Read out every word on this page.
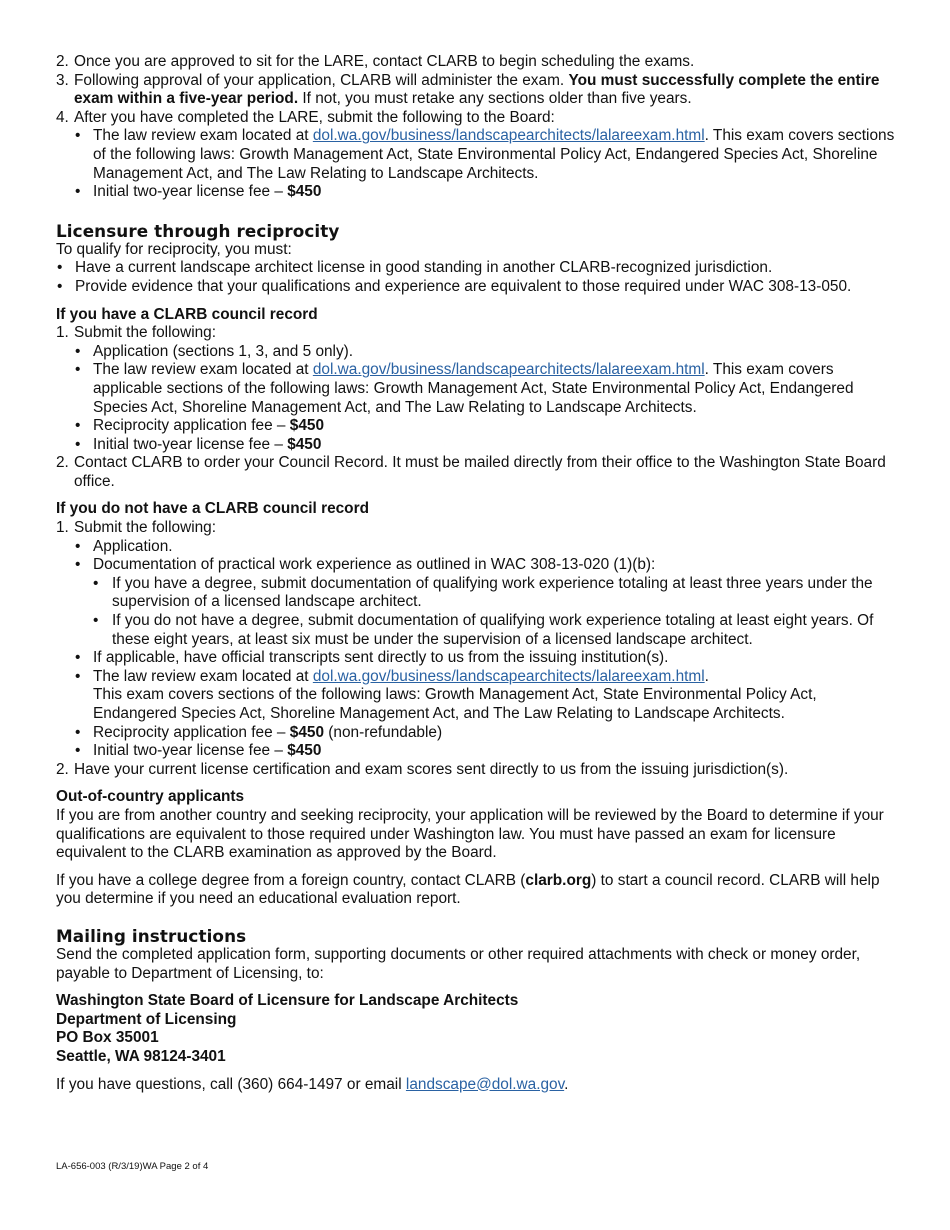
2. Once you are approved to sit for the LARE, contact CLARB to begin scheduling the exams.
3. Following approval of your application, CLARB will administer the exam. You must successfully complete the entire exam within a five-year period. If not, you must retake any sections older than five years.
4. After you have completed the LARE, submit the following to the Board:
• The law review exam located at dol.wa.gov/business/landscapearchitects/lalareexam.html. This exam covers sections of the following laws: Growth Management Act, State Environmental Policy Act, Endangered Species Act, Shoreline Management Act, and The Law Relating to Landscape Architects.
• Initial two-year license fee – $450
Licensure through reciprocity

To qualify for reciprocity, you must:

• Have a current landscape architect license in good standing in another CLARB-recognized jurisdiction.
• Provide evidence that your qualifications and experience are equivalent to those required under WAC 308-13-050.
If you have a CLARB council record
1. Submit the following:
• Application (sections 1, 3, and 5 only).
• The law review exam located at dol.wa.gov/business/landscapearchitects/lalareexam.html. This exam covers applicable sections of the following laws: Growth Management Act, State Environmental Policy Act, Endangered Species Act, Shoreline Management Act, and The Law Relating to Landscape Architects.
• Reciprocity application fee – $450
• Initial two-year license fee – $450
2. Contact CLARB to order your Council Record. It must be mailed directly from their office to the Washington State Board office.
If you do not have a CLARB council record
1. Submit the following:
• Application.
• Documentation of practical work experience as outlined in WAC 308-13-020 (1)(b):
• If you have a degree, submit documentation of qualifying work experience totaling at least three years under the supervision of a licensed landscape architect.
• If you do not have a degree, submit documentation of qualifying work experience totaling at least eight years. Of these eight years, at least six must be under the supervision of a licensed landscape architect.
• If applicable, have official transcripts sent directly to us from the issuing institution(s).
• The law review exam located at dol.wa.gov/business/landscapearchitects/lalareexam.html.
This exam covers sections of the following laws: Growth Management Act, State Environmental Policy Act, Endangered Species Act, Shoreline Management Act, and The Law Relating to Landscape Architects.
• Reciprocity application fee – $450 (non-refundable)
• Initial two-year license fee – $450
2. Have your current license certification and exam scores sent directly to us from the issuing jurisdiction(s).
Out-of-country applicants

If you are from another country and seeking reciprocity, your application will be reviewed by the Board to determine if your qualifications are equivalent to those required under Washington law. You must have passed an exam for licensure equivalent to the CLARB examination as approved by the Board.

If you have a college degree from a foreign country, contact CLARB (clarb.org) to start a council record. CLARB will help you determine if you need an educational evaluation report.

Mailing instructions

Send the completed application form, supporting documents or other required attachments with check or money order, payable to Department of Licensing, to:

Washington State Board of Licensure for Landscape Architects
Department of Licensing
PO Box 35001
Seattle, WA 98124-3401

If you have questions, call (360) 664-1497 or email landscape@dol.wa.gov.

LA-656-003 (R/3/19)WA Page 2 of 4
